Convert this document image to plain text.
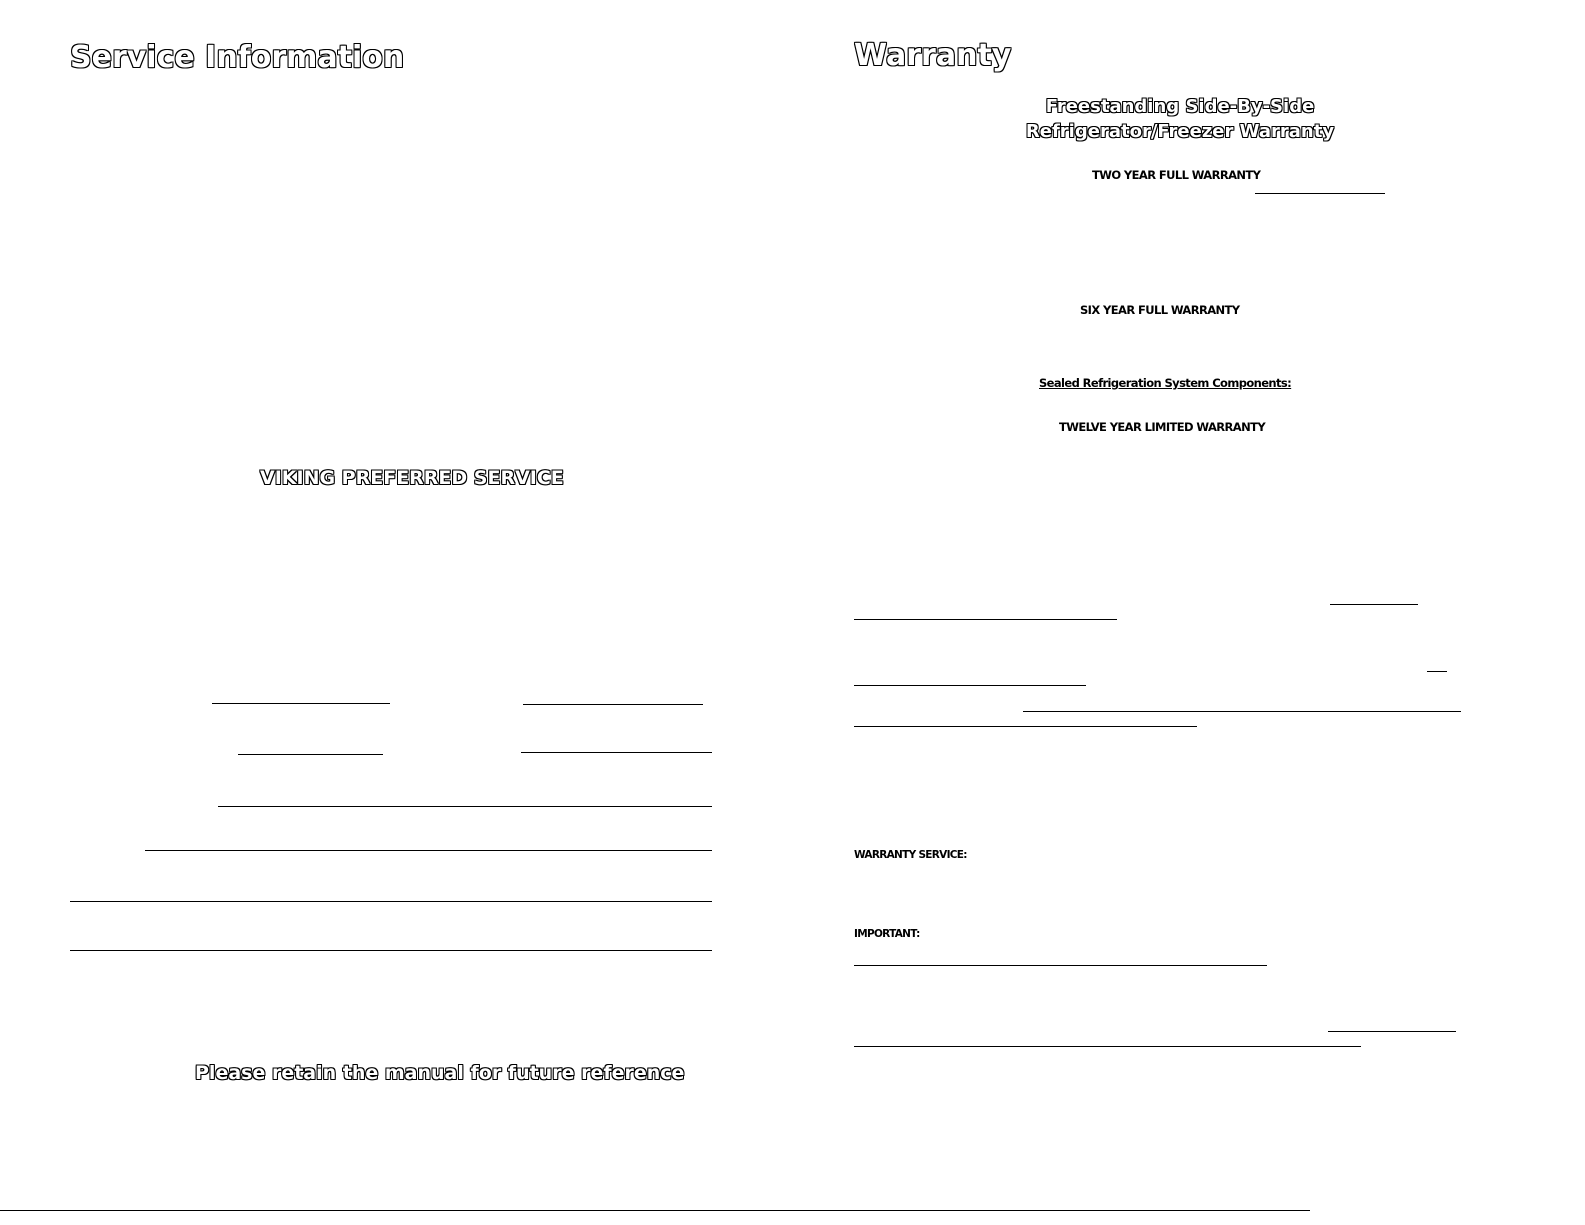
Service Information
VIKING PREFERRED SERVICE
Please retain the manual for future reference
Warranty
Freestanding Side-By-Side
Refrigerator/Freezer Warranty
TWO YEAR FULL WARRANTY
SIX YEAR FULL WARRANTY
Sealed Refrigeration System Components:
TWELVE YEAR LIMITED WARRANTY
WARRANTY SERVICE:
IMPORTANT:
